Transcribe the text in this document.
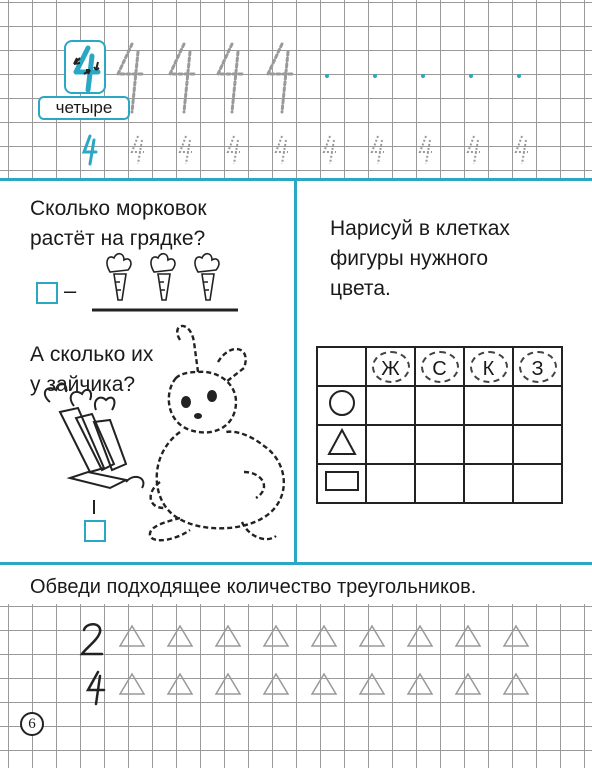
четыре
Сколько морковок
растёт на грядке?
–
А сколько их
у зайчика?
Нарисуй в клетках
фигуры нужного
цвета.
	Ж	С	К	З

Обведи подходящее количество треугольников.
6
